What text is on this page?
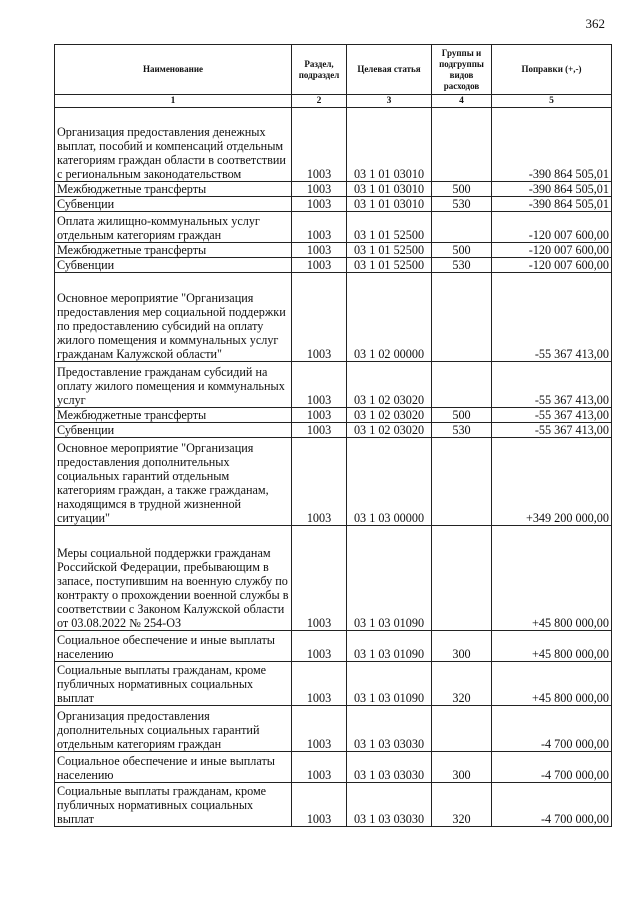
362
Наименование	Раздел, подраздел	Целевая статья	Группы и подгруппы видов расходов	Поправки (+,-)
1	2	3	4	5
Организация предоставления денежных выплат, пособий и компенсаций отдельным категориям граждан области в соответствии с региональным законодательством	1003	03 1 01 03010		-390 864 505,01
Межбюджетные трансферты	1003	03 1 01 03010	500	-390 864 505,01
Субвенции	1003	03 1 01 03010	530	-390 864 505,01
Оплата жилищно-коммунальных услуг отдельным категориям граждан	1003	03 1 01 52500		-120 007 600,00
Межбюджетные трансферты	1003	03 1 01 52500	500	-120 007 600,00
Субвенции	1003	03 1 01 52500	530	-120 007 600,00
Основное мероприятие "Организация предоставления мер социальной поддержки по предоставлению субсидий на оплату жилого помещения и коммунальных услуг гражданам Калужской области"	1003	03 1 02 00000		-55 367 413,00
Предоставление гражданам субсидий на оплату жилого помещения и коммунальных услуг	1003	03 1 02 03020		-55 367 413,00
Межбюджетные трансферты	1003	03 1 02 03020	500	-55 367 413,00
Субвенции	1003	03 1 02 03020	530	-55 367 413,00
Основное мероприятие "Организация предоставления дополнительных социальных гарантий отдельным категориям граждан, а также гражданам, находящимся в трудной жизненной ситуации"	1003	03 1 03 00000		+349 200 000,00
Меры социальной поддержки гражданам Российской Федерации, пребывающим в запасе, поступившим на военную службу по контракту о прохождении военной службы в соответствии с Законом Калужской области от 03.08.2022 № 254-ОЗ	1003	03 1 03 01090		+45 800 000,00
Социальное обеспечение и иные выплаты населению	1003	03 1 03 01090	300	+45 800 000,00
Социальные выплаты гражданам, кроме публичных нормативных социальных выплат	1003	03 1 03 01090	320	+45 800 000,00
Организация предоставления дополнительных социальных гарантий отдельным категориям граждан	1003	03 1 03 03030		-4 700 000,00
Социальное обеспечение и иные выплаты населению	1003	03 1 03 03030	300	-4 700 000,00
Социальные выплаты гражданам, кроме публичных нормативных социальных выплат	1003	03 1 03 03030	320	-4 700 000,00
